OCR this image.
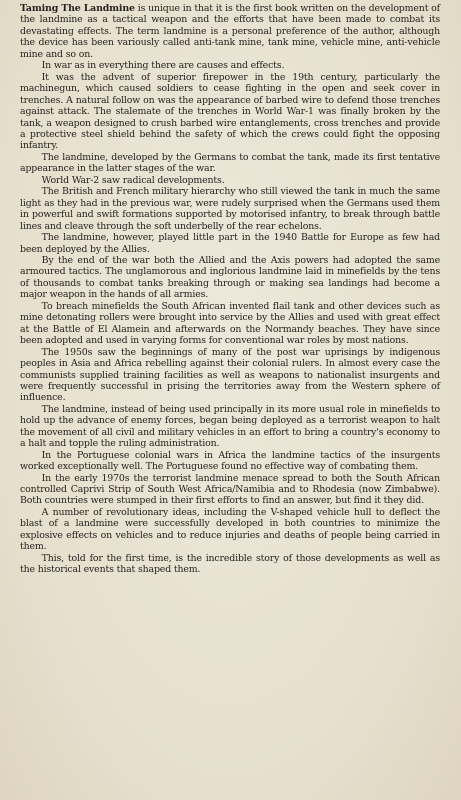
Taming The Landmine is unique in that it is the first book written on the development of the landmine as a tactical weapon and the efforts that have been made to combat its devastating effects. The term landmine is a personal preference of the author, although the device has been variously called anti-tank mine, tank mine, vehicle mine, anti-vehicle mine and so on.

In war as in everything there are causes and effects.

It was the advent of superior firepower in the 19th century, particularly the machinegun, which caused soldiers to cease fighting in the open and seek cover in trenches. A natural follow on was the appearance of barbed wire to defend those trenches against attack. The stalemate of the trenches in World War-1 was finally broken by the tank, a weapon designed to crush barbed wire entanglements, cross trenches and provide a protective steel shield behind the safety of which the crews could fight the opposing infantry.

The landmine, developed by the Germans to combat the tank, made its first tentative appearance in the latter stages of the war.

World War-2 saw radical developments.

The British and French military hierarchy who still viewed the tank in much the same light as they had in the previous war, were rudely surprised when the Germans used them in powerful and swift formations supported by motorised infantry, to break through battle lines and cleave through the soft underbelly of the rear echelons.

The landmine, however, played little part in the 1940 Battle for Europe as few had been deployed by the Allies.

By the end of the war both the Allied and the Axis powers had adopted the same armoured tactics. The unglamorous and inglorious landmine laid in minefields by the tens of thousands to combat tanks breaking through or making sea landings had become a major weapon in the hands of all armies.

To breach minefields the South African invented flail tank and other devices such as mine detonating rollers were brought into service by the Allies and used with great effect at the Battle of El Alamein and afterwards on the Normandy beaches. They have since been adopted and used in varying forms for conventional war roles by most nations.

The 1950s saw the beginnings of many of the post war uprisings by indigenous peoples in Asia and Africa rebelling against their colonial rulers. In almost every case the communists supplied training facilities as well as weapons to nationalist insurgents and were frequently successful in prising the territories away from the Western sphere of influence.

The landmine, instead of being used principally in its more usual role in minefields to hold up the advance of enemy forces, began being deployed as a terrorist weapon to halt the movement of all civil and military vehicles in an effort to bring a country's economy to a halt and topple the ruling administration.

In the Portuguese colonial wars in Africa the landmine tactics of the insurgents worked exceptionally well. The Portuguese found no effective way of combating them.

In the early 1970s the terrorist landmine menace spread to both the South African controlled Caprivi Strip of South West Africa/Namibia and to Rhodesia (now Zimbabwe). Both countries were stumped in their first efforts to find an answer, but find it they did.

A number of revolutionary ideas, including the V-shaped vehicle hull to deflect the blast of a landmine were successfully developed in both countries to minimize the explosive effects on vehicles and to reduce injuries and deaths of people being carried in them.

This, told for the first time, is the incredible story of those developments as well as the historical events that shaped them.
